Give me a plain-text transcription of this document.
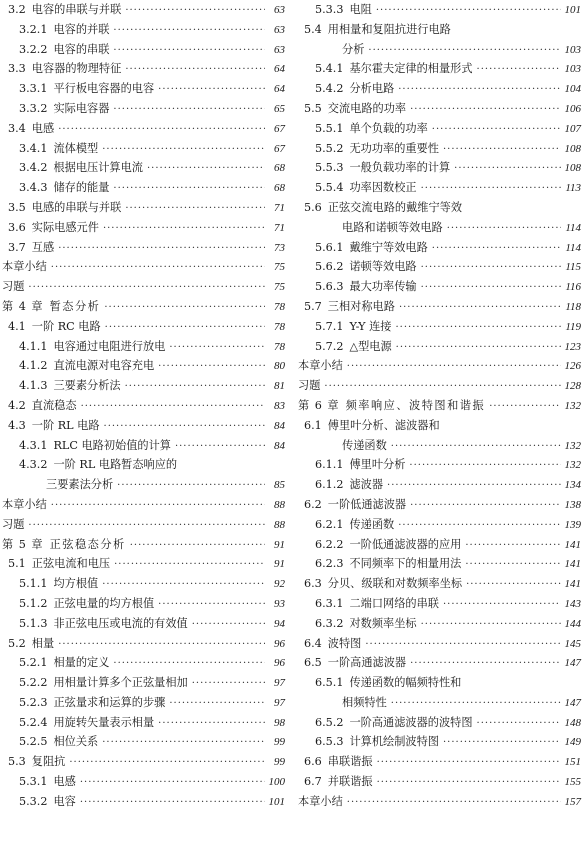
3.2 电容的串联与并联 ·····	63
3.2.1 电容的并联 ·····	63
3.2.2 电容的串联 ·····	63
3.3 电容器的物理特征 ·····	64
3.3.1 平行板电容器的电容 ·····	64
3.3.2 实际电容器 ·····	65
3.4 电感 ·····	67
3.4.1 流体模型 ·····	67
3.4.2 根据电压计算电流 ·····	68
3.4.3 储存的能量 ·····	68
3.5 电感的串联与并联 ·····	71
3.6 实际电感元件 ·····	71
3.7 互感 ·····	73
本章小结 ·····	75
习题 ·····	75
第 4 章 暂态分析 ·····	78
4.1 一阶 RC 电路 ·····	78
4.1.1 电容通过电阻进行放电 ·····	78
4.1.2 直流电源对电容充电 ·····	80
4.1.3 三要素分析法 ·····	81
4.2 直流稳态 ·····	83
4.3 一阶 RL 电路 ·····	84
4.3.1 RLC 电路初始值的计算 ·····	84
4.3.2 一阶 RL 电路暂态响应的
三要素法分析 ·····	85
本章小结 ·····	88
习题 ·····	88
第 5 章 正弦稳态分析 ·····	91
5.1 正弦电流和电压 ·····	91
5.1.1 均方根值 ·····	92
5.1.2 正弦电量的均方根值 ·····	93
5.1.3 非正弦电压或电流的有效值 ·····	94
5.2 相量 ·····	96
5.2.1 相量的定义 ·····	96
5.2.2 用相量计算多个正弦量相加 ·····	97
5.2.3 正弦量求和运算的步骤 ·····	97
5.2.4 用旋转矢量表示相量 ·····	98
5.2.5 相位关系 ·····	99
5.3 复阻抗 ·····	99
5.3.1 电感 ·····	100
5.3.2 电容 ·····	101
5.3.3 电阻 ·····	101
5.4 用相量和复阻抗进行电路
分析 ·····	103
5.4.1 基尔霍夫定律的相量形式 ·····	103
5.4.2 分析电路 ·····	104
5.5 交流电路的功率 ·····	106
5.5.1 单个负载的功率 ·····	107
5.5.2 无功功率的重要性 ·····	108
5.5.3 一般负载功率的计算 ·····	108
5.5.4 功率因数校正 ·····	113
5.6 正弦交流电路的戴维宁等效
电路和诺顿等效电路 ·····	114
5.6.1 戴维宁等效电路 ·····	114
5.6.2 诺顿等效电路 ·····	115
5.6.3 最大功率传输 ·····	116
5.7 三相对称电路 ·····	118
5.7.1 Y-Y 连接 ·····	119
5.7.2 △型电源 ·····	123
本章小结 ·····	126
习题 ·····	128
第 6 章 频率响应、波特图和谐振 ·····	132
6.1 傅里叶分析、滤波器和
传递函数 ·····	132
6.1.1 傅里叶分析 ·····	132
6.1.2 滤波器 ·····	134
6.2 一阶低通滤波器 ·····	138
6.2.1 传递函数 ·····	139
6.2.2 一阶低通滤波器的应用 ·····	141
6.2.3 不同频率下的相量用法 ·····	141
6.3 分贝、级联和对数频率坐标 ·····	141
6.3.1 二端口网络的串联 ·····	143
6.3.2 对数频率坐标 ·····	144
6.4 波特图 ·····	145
6.5 一阶高通滤波器 ·····	147
6.5.1 传递函数的幅频特性和
相频特性 ·····	147
6.5.2 一阶高通滤波器的波特图 ·····	148
6.5.3 计算机绘制波特图 ·····	149
6.6 串联谐振 ·····	151
6.7 并联谐振 ·····	155
本章小结 ·····	157
